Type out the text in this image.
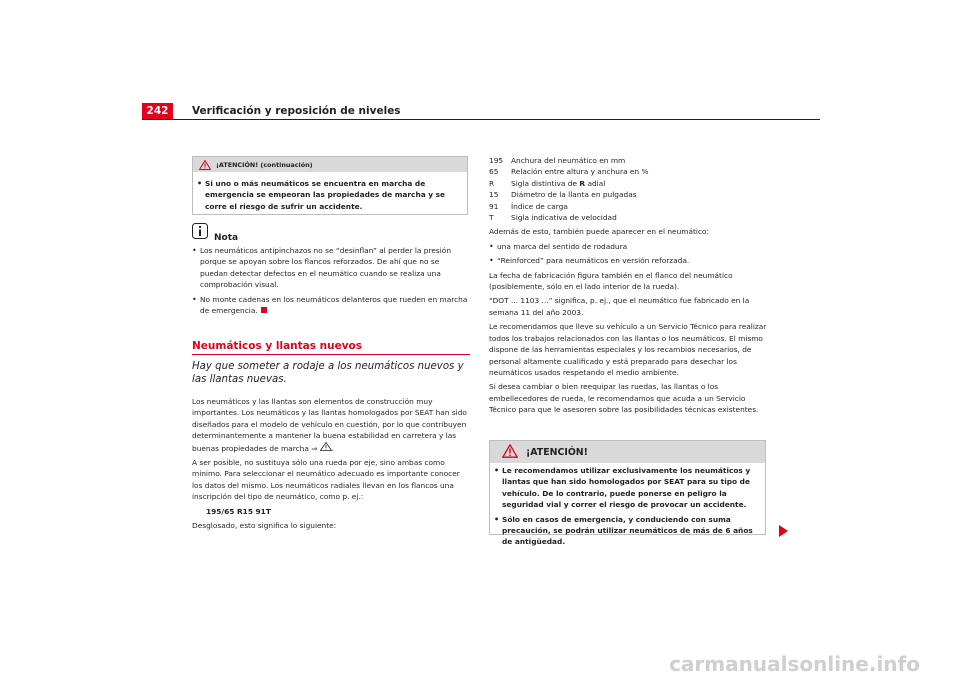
242	Verificación y reposición de niveles
¡ATENCIÓN! (continuación)
• Si uno o más neumáticos se encuentra en marcha de emergencia se empeoran las propiedades de marcha y se corre el riesgo de sufrir un accidente.

Nota
• Los neumáticos antipinchazos no se “desinflan” al perder la presión porque se apoyan sobre los flancos reforzados. De ahí que no se puedan detectar defectos en el neumático cuando se realiza una comprobación visual.

• No monte cadenas en los neumáticos delanteros que rueden en marcha de emergencia.

Neumáticos y llantas nuevos
Hay que someter a rodaje a los neumáticos nuevos y las llantas nuevas.

Los neumáticos y las llantas son elementos de construcción muy importantes. Los neumáticos y las llantas homologados por SEAT han sido diseñados para el modelo de vehículo en cuestión, por lo que contribuyen determinantemente a mantener la buena estabilidad en carretera y las buenas propiedades de marcha ⇒ .

A ser posible, no sustituya sólo una rueda por eje, sino ambas como mínimo. Para seleccionar el neumático adecuado es importante conocer los datos del mismo. Los neumáticos radiales llevan en los flancos una inscripción del tipo de neumático, como p. ej.:

195/65 R15 91T

Desglosado, esto significa lo siguiente:

195	Anchura del neumático en mm
65	Relación entre altura y anchura en %
R	Sigla distintiva de R adial
15	Diámetro de la llanta en pulgadas
91	Índice de carga
T	Sigla indicativa de velocidad

Además de esto, también puede aparecer en el neumático:

• una marca del sentido de rodadura

• “Reinforced” para neumáticos en versión reforzada.

La fecha de fabricación figura también en el flanco del neumático (posiblemente, sólo en el lado interior de la rueda).

“DOT ... 1103 ...” significa, p. ej., que el neumático fue fabricado en la semana 11 del año 2003.

Le recomendamos que lleve su vehículo a un Servicio Técnico para realizar todos los trabajos relacionados con las llantas o los neumáticos. El mismo dispone de las herramientas especiales y los recambios necesarios, de personal altamente cualificado y está preparado para desechar los neumáticos usados respetando el medio ambiente.

Si desea cambiar o bien reequipar las ruedas, las llantas o los embellecedores de rueda, le recomendamos que acuda a un Servicio Técnico para que le asesoren sobre las posibilidades técnicas existentes.

¡ATENCIÓN!
• Le recomendamos utilizar exclusivamente los neumáticos y llantas que han sido homologados por SEAT para su tipo de vehículo. De lo contrario, puede ponerse en peligro la seguridad vial y correr el riesgo de provocar un accidente.

• Sólo en casos de emergencia, y conduciendo con suma precaución, se podrán utilizar neumáticos de más de 6 años de antigüedad.

carmanualsonline.info
